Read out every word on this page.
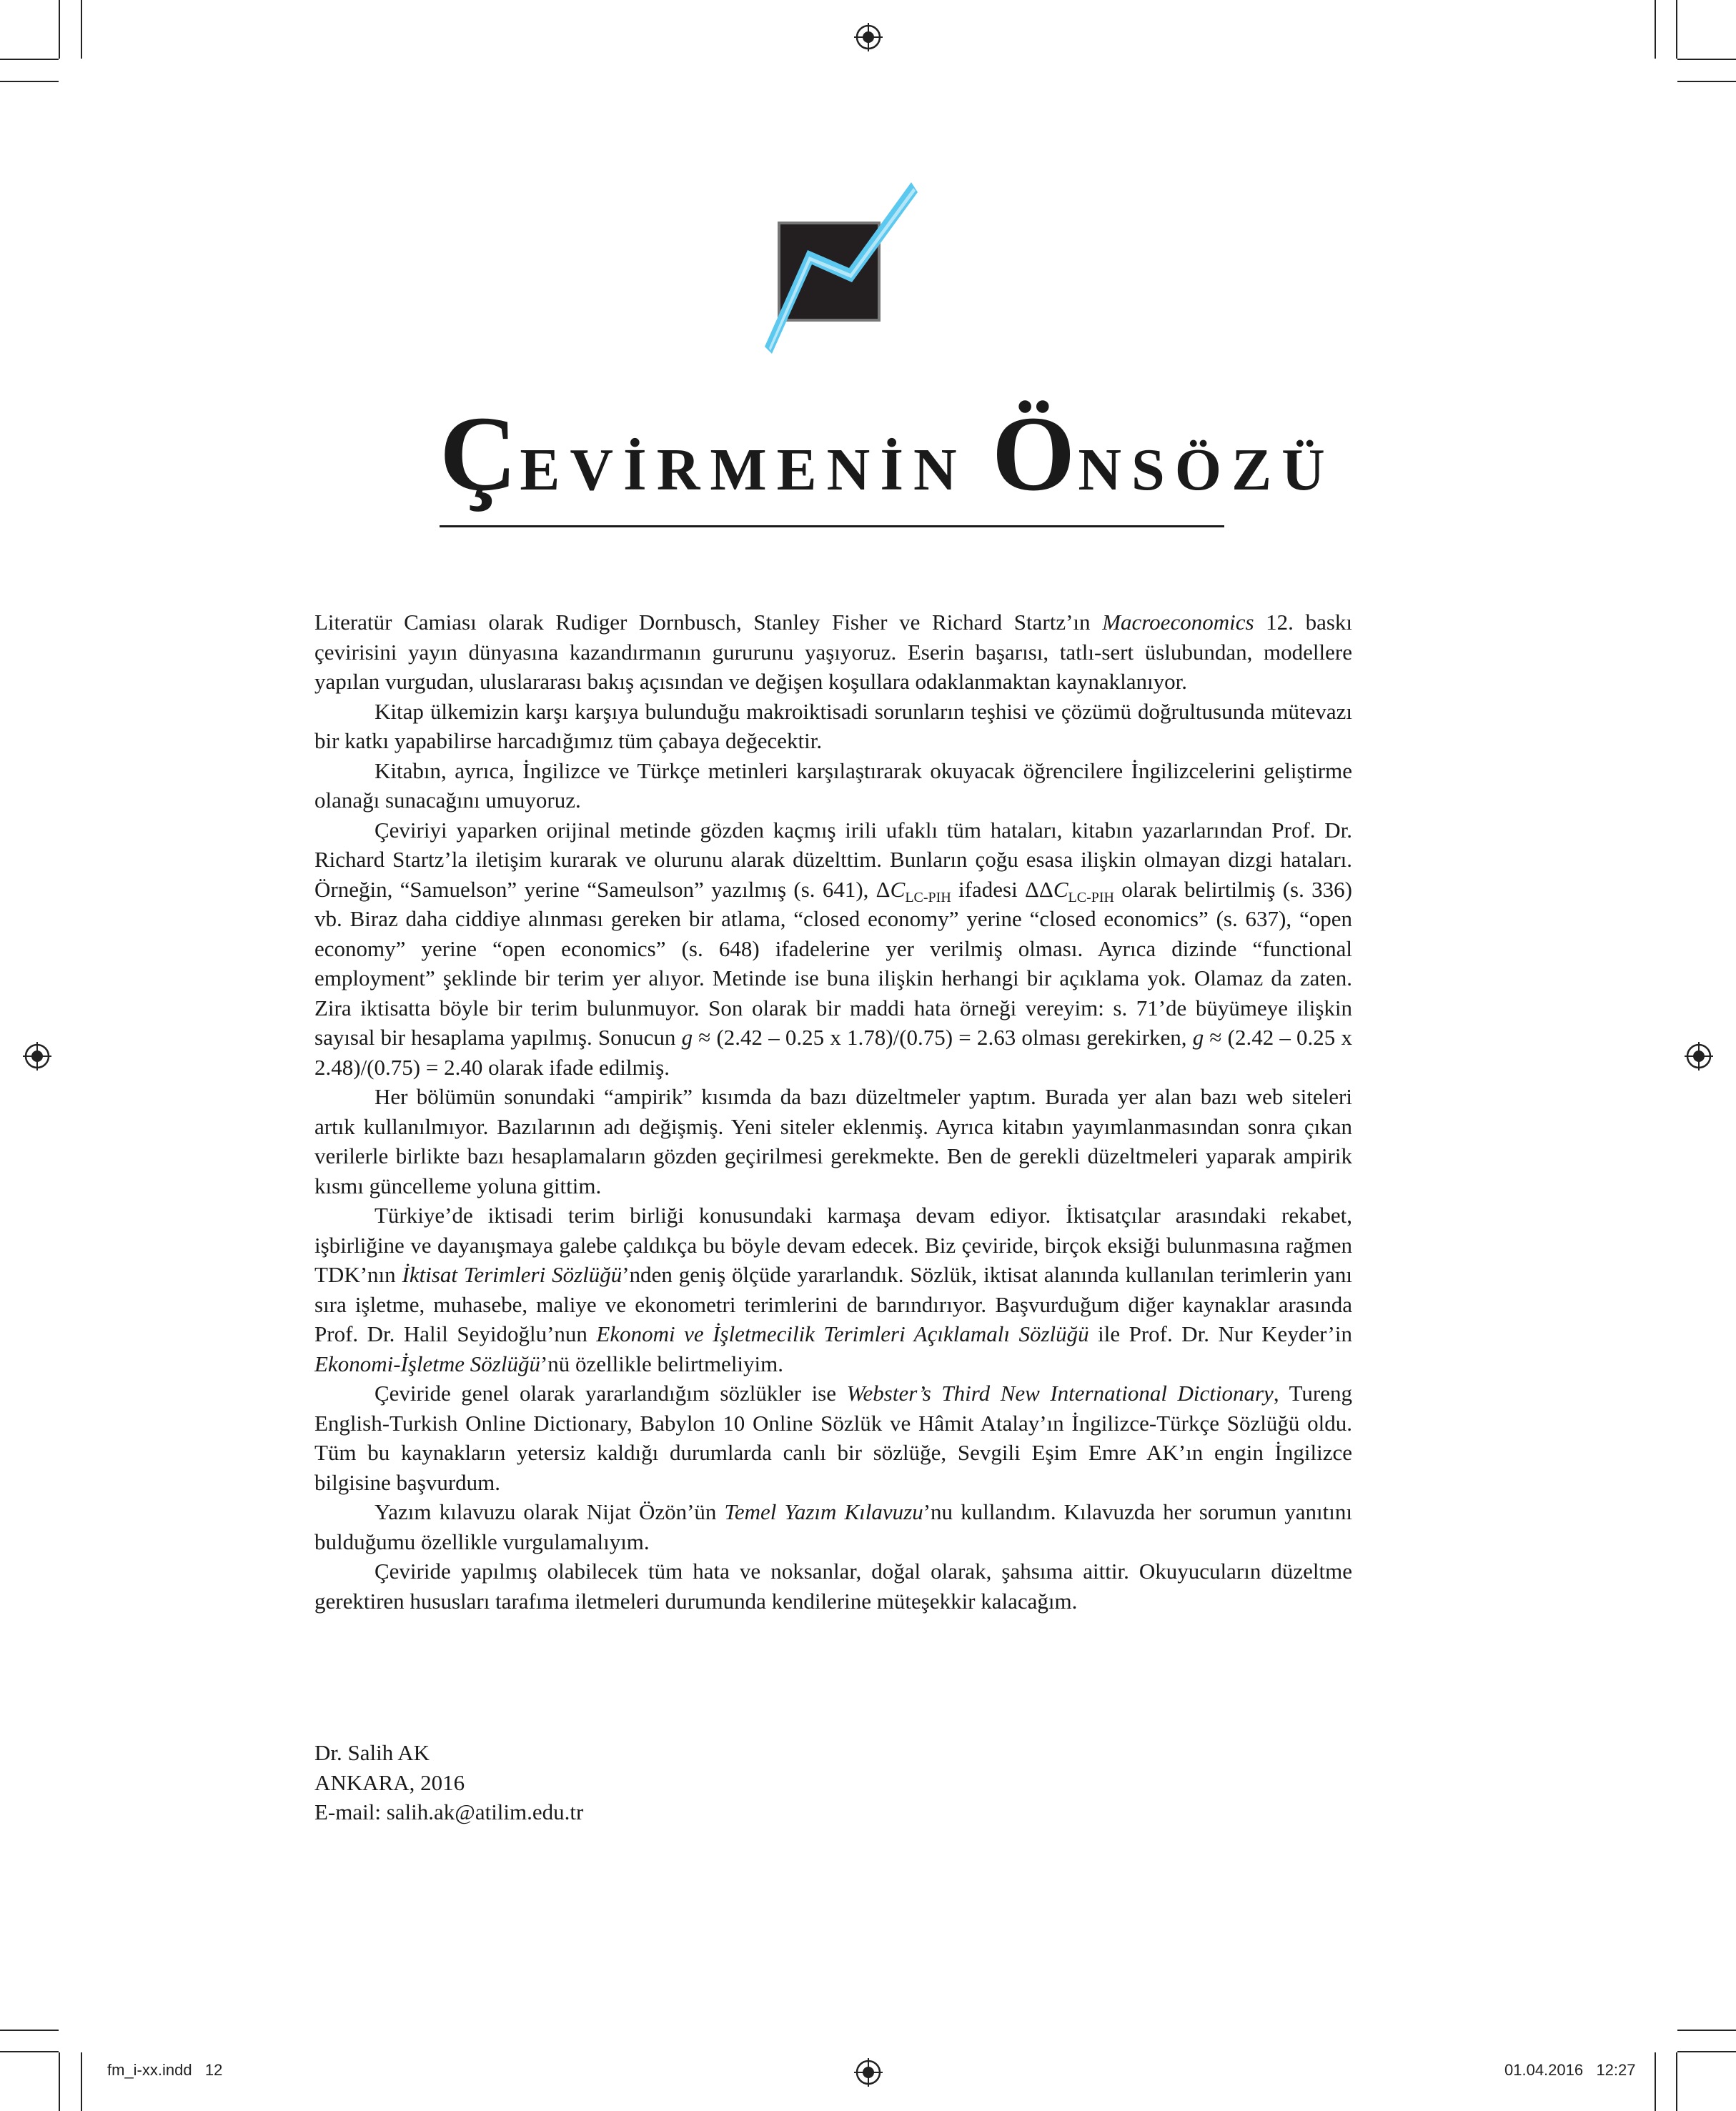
ÇEVİRMENİN ÖNSÖZÜ

Literatür Camiası olarak Rudiger Dornbusch, Stanley Fisher ve Richard Startz’ın Macroeconomics 12. baskı çevirisini yayın dünyasına kazandırmanın gururunu yaşıyoruz. Eserin başarısı, tatlı-sert üslubundan, modellere yapılan vurgudan, uluslararası bakış açısından ve değişen koşullara odaklanmaktan kaynaklanıyor.

Kitap ülkemizin karşı karşıya bulunduğu makroiktisadi sorunların teşhisi ve çözümü doğrultusunda mütevazı bir katkı yapabilirse harcadığımız tüm çabaya değecektir.

Kitabın, ayrıca, İngilizce ve Türkçe metinleri karşılaştırarak okuyacak öğrencilere İngilizcelerini geliştirme olanağı sunacağını umuyoruz.

Çeviriyi yaparken orijinal metinde gözden kaçmış irili ufaklı tüm hataları, kitabın yazarlarından Prof. Dr. Richard Startz’la iletişim kurarak ve olurunu alarak düzelttim. Bunların çoğu esasa ilişkin olmayan dizgi hataları. Örneğin, “Samuelson” yerine “Sameulson” yazılmış (s. 641), $\Delta C_{LC-PIH}$ ifadesi $\Delta\Delta C_{LC-PIH}$ olarak belirtilmiş (s. 336) vb. Biraz daha ciddiye alınması gereken bir atlama, “closed economy” yerine “closed economics” (s. 637), “open economy” yerine “open economics” (s. 648) ifadelerine yer verilmiş olması. Ayrıca dizinde “functional employment” şeklinde bir terim yer alıyor. Metinde ise buna ilişkin herhangi bir açıklama yok. Olamaz da zaten. Zira iktisatta böyle bir terim bulunmuyor. Son olarak bir maddi hata örneği vereyim: s. 71’de büyümeye ilişkin sayısal bir hesaplama yapılmış. Sonucun g ≈ (2.42 – 0.25 x 1.78)/(0.75) = 2.63 olması gerekirken, g ≈ (2.42 – 0.25 x 2.48)/(0.75) = 2.40 olarak ifade edilmiş.

Her bölümün sonundaki “ampirik” kısımda da bazı düzeltmeler yaptım. Burada yer alan bazı web siteleri artık kullanılmıyor. Bazılarının adı değişmiş. Yeni siteler eklenmiş. Ayrıca kitabın yayımlanmasından sonra çıkan verilerle birlikte bazı hesaplamaların gözden geçirilmesi gerekmekte. Ben de gerekli düzeltmeleri yaparak ampirik kısmı güncelleme yoluna gittim.

Türkiye’de iktisadi terim birliği konusundaki karmaşa devam ediyor. İktisatçılar arasındaki rekabet, işbirliğine ve dayanışmaya galebe çaldıkça bu böyle devam edecek. Biz çeviride, birçok eksiği bulunmasına rağmen TDK’nın İktisat Terimleri Sözlüğü’nden geniş ölçüde yararlandık. Sözlük, iktisat alanında kullanılan terimlerin yanı sıra işletme, muhasebe, maliye ve ekonometri terimlerini de barındırıyor. Başvurduğum diğer kaynaklar arasında Prof. Dr. Halil Seyidoğlu’nun Ekonomi ve İşletmecilik Terimleri Açıklamalı Sözlüğü ile Prof. Dr. Nur Keyder’in Ekonomi-İşletme Sözlüğü’nü özellikle belirtmeliyim.

Çeviride genel olarak yararlandığım sözlükler ise Webster’s Third New International Dictionary, Tureng English-Turkish Online Dictionary, Babylon 10 Online Sözlük ve Hâmit Atalay’ın İngilizce-Türkçe Sözlüğü oldu. Tüm bu kaynakların yetersiz kaldığı durumlarda canlı bir sözlüğe, Sevgili Eşim Emre AK’ın engin İngilizce bilgisine başvurdum.

Yazım kılavuzu olarak Nijat Özön’ün Temel Yazım Kılavuzu’nu kullandım. Kılavuzda her sorumun yanıtını bulduğumu özellikle vurgulamalıyım.

Çeviride yapılmış olabilecek tüm hata ve noksanlar, doğal olarak, şahsıma aittir. Okuyucuların düzeltme gerektiren hususları tarafıma iletmeleri durumunda kendilerine müteşekkir kalacağım.

Dr. Salih AK
ANKARA, 2016
E-mail: salih.ak@atilim.edu.tr
fm_i-xx.indd   12	01.04.2016   12:27
